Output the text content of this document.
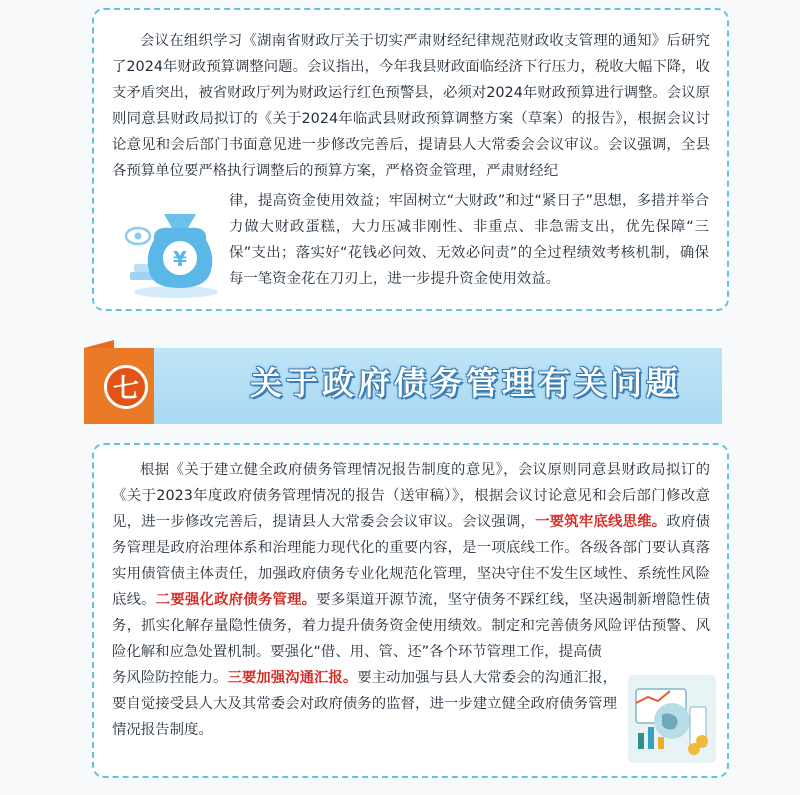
会议在组织学习《湖南省财政厅关于切实严肃财经纪律规范财政收支管理的通知》后研究了2024年财政预算调整问题。会议指出，今年我县财政面临经济下行压力，税收大幅下降，收支矛盾突出，被省财政厅列为财政运行红色预警县，必须对2024年财政预算进行调整。会议原则同意县财政局拟订的《关于2024年临武县财政预算调整方案（草案）的报告》，根据会议讨论意见和会后部门书面意见进一步修改完善后，提请县人大常委会会议审议。会议强调，全县各预算单位要严格执行调整后的预算方案，严格资金管理，严肃财经纪

¥

律，提高资金使用效益；牢固树立“大财政”和过“紧日子”思想，多措并举合力做大财政蛋糕，大力压减非刚性、非重点、非急需支出，优先保障“三保”支出；落实好“花钱必问效、无效必问责”的全过程绩效考核机制，确保每一笔资金花在刀刃上，进一步提升资金使用效益。

七	关于政府债务管理有关问题

根据《关于建立健全政府债务管理情况报告制度的意见》，会议原则同意县财政局拟订的《关于2023年度政府债务管理情况的报告（送审稿）》，根据会议讨论意见和会后部门修改意见，进一步修改完善后，提请县人大常委会会议审议。会议强调，一要筑牢底线思维。政府债务管理是政府治理体系和治理能力现代化的重要内容，是一项底线工作。各级各部门要认真落实用债管债主体责任，加强政府债务专业化规范化管理，坚决守住不发生区域性、系统性风险底线。二要强化政府债务管理。要多渠道开源节流，坚守债务不踩红线，坚决遏制新增隐性债务，抓实化解存量隐性债务，着力提升债务资金使用绩效。制定和完善债务风险评估预警、风险化解和应急处置机制。要强化“借、用、管、还”各个环节管理工作，提高债

务风险防控能力。三要加强沟通汇报。要主动加强与县人大常委会的沟通汇报，要自觉接受县人大及其常委会对政府债务的监督，进一步建立健全政府债务管理情况报告制度。
